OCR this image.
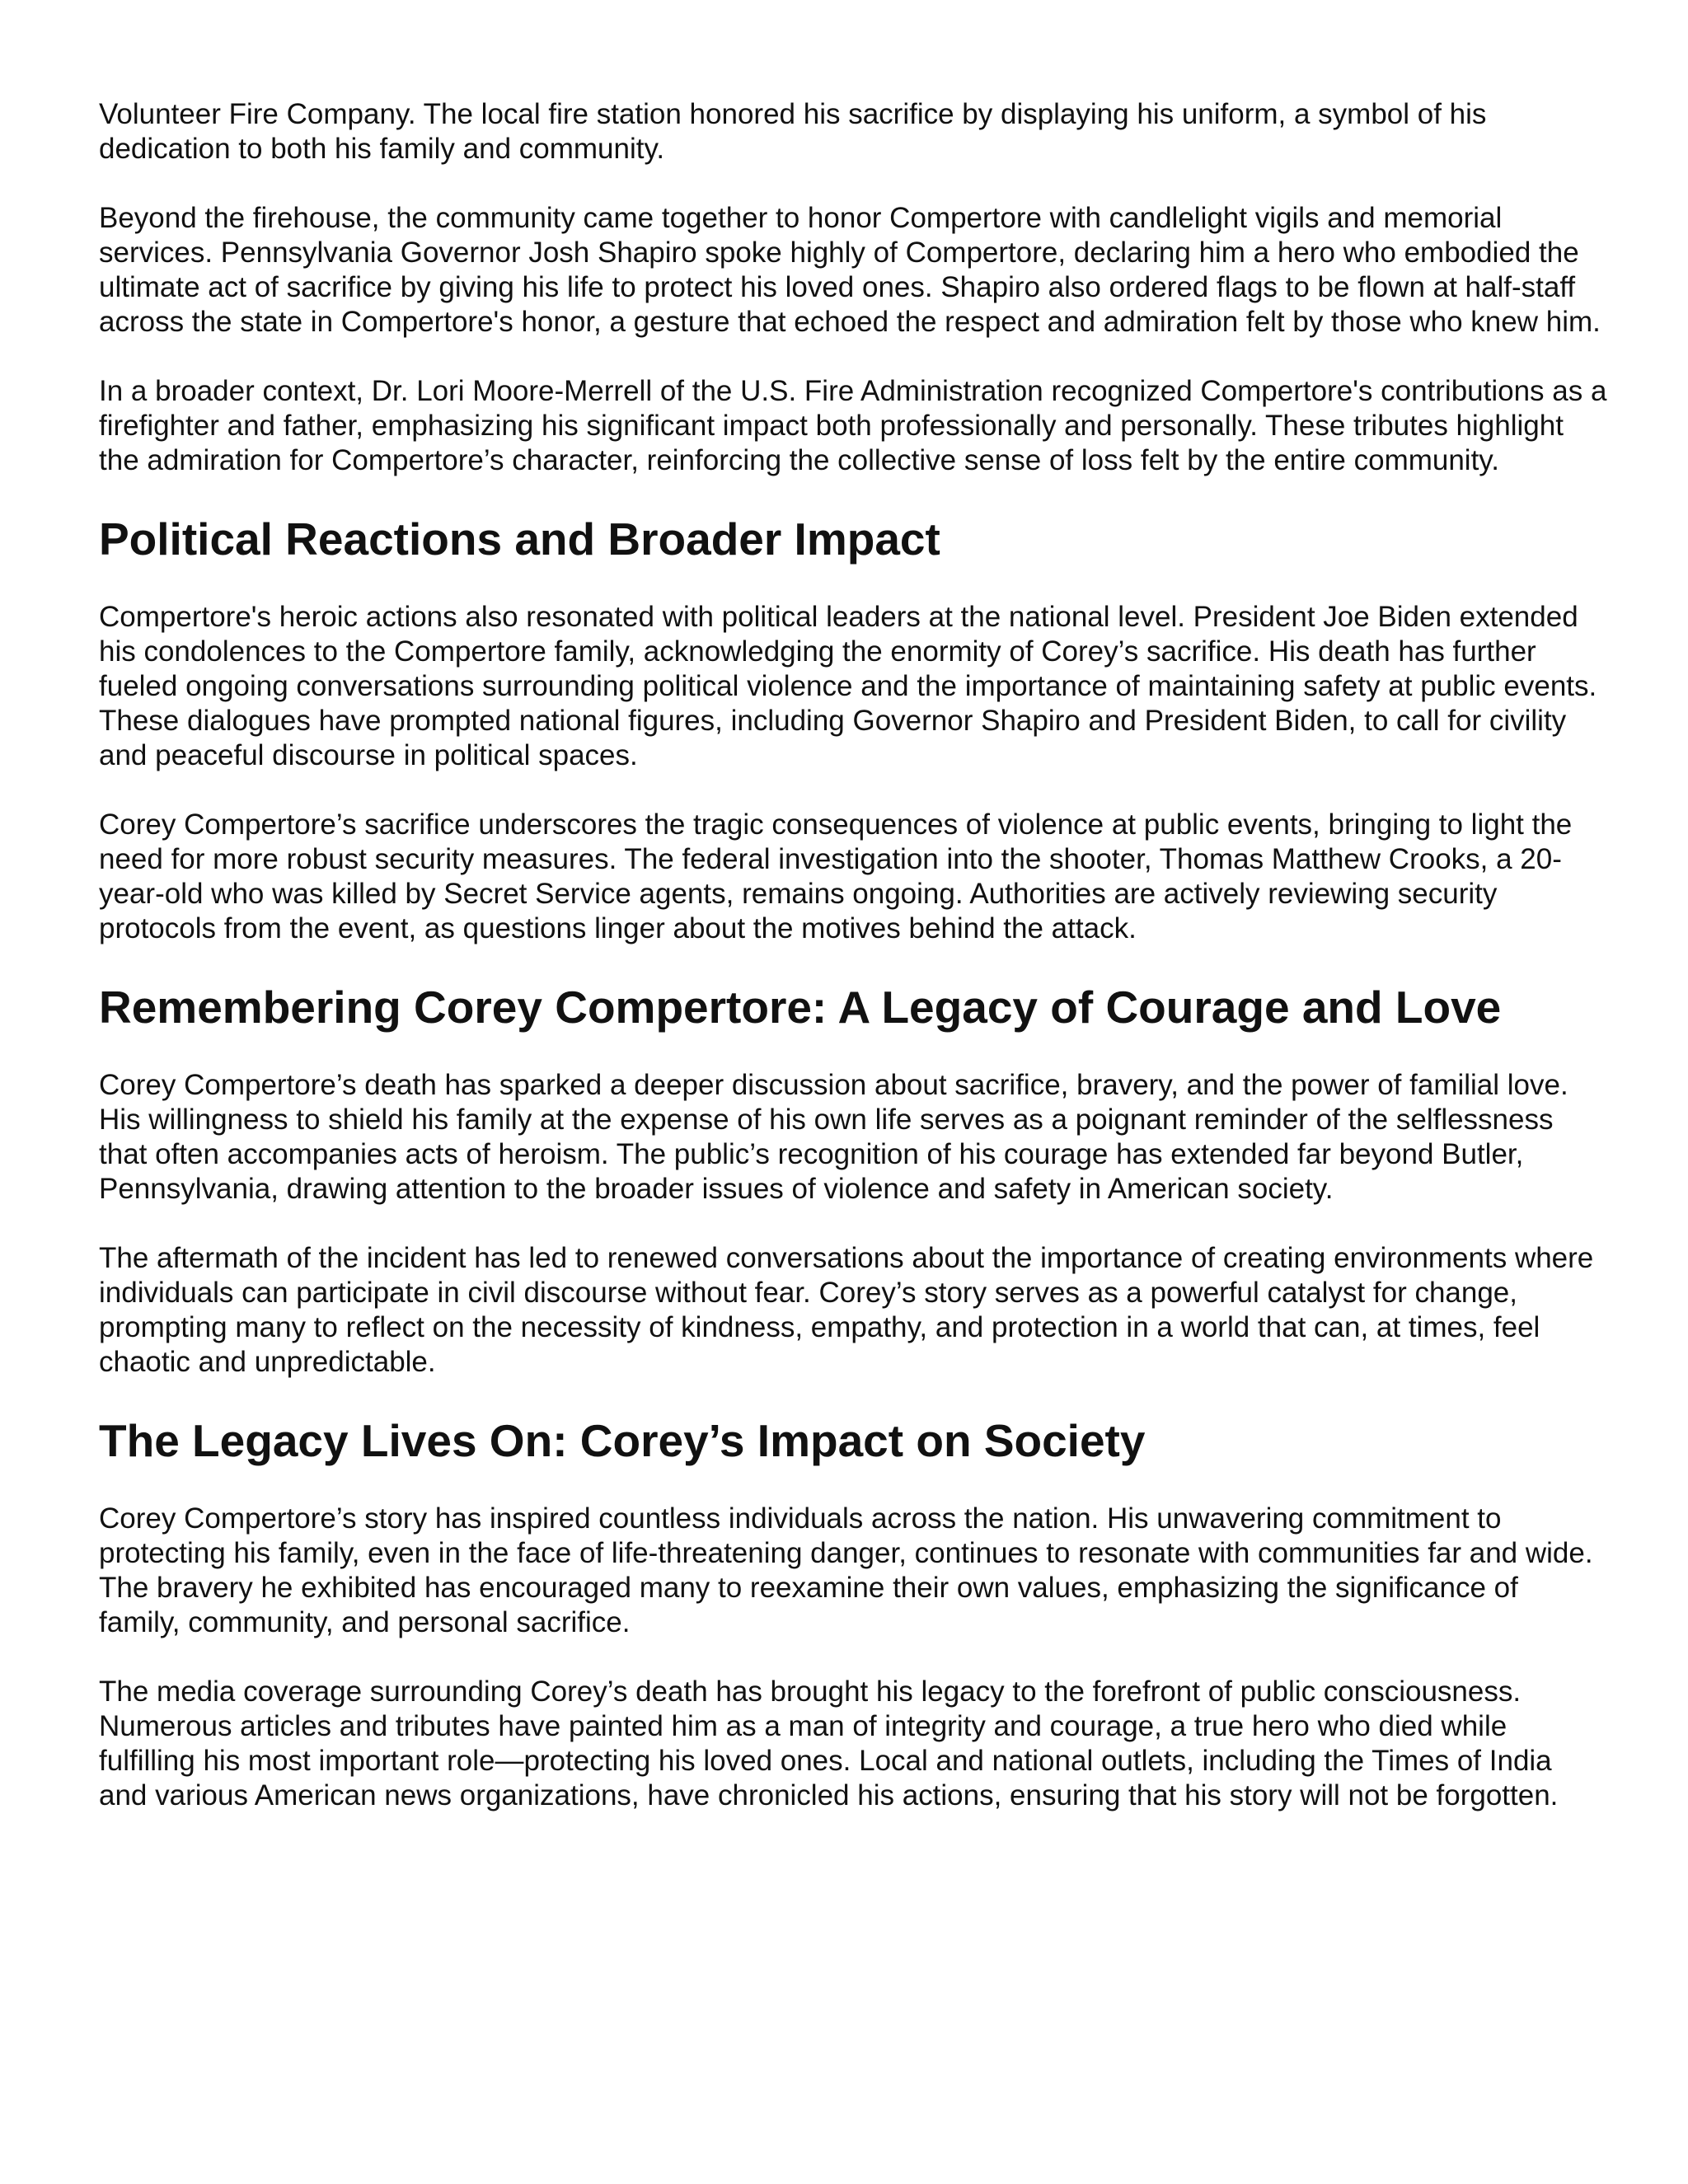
Volunteer Fire Company. The local fire station honored his sacrifice by displaying his uniform, a symbol of his dedication to both his family and community.

Beyond the firehouse, the community came together to honor Compertore with candlelight vigils and memorial services. Pennsylvania Governor Josh Shapiro spoke highly of Compertore, declaring him a hero who embodied the ultimate act of sacrifice by giving his life to protect his loved ones. Shapiro also ordered flags to be flown at half-staff across the state in Compertore's honor, a gesture that echoed the respect and admiration felt by those who knew him.

In a broader context, Dr. Lori Moore-Merrell of the U.S. Fire Administration recognized Compertore's contributions as a firefighter and father, emphasizing his significant impact both professionally and personally. These tributes highlight the admiration for Compertore’s character, reinforcing the collective sense of loss felt by the entire community.

Political Reactions and Broader Impact

Compertore's heroic actions also resonated with political leaders at the national level. President Joe Biden extended his condolences to the Compertore family, acknowledging the enormity of Corey’s sacrifice. His death has further fueled ongoing conversations surrounding political violence and the importance of maintaining safety at public events. These dialogues have prompted national figures, including Governor Shapiro and President Biden, to call for civility and peaceful discourse in political spaces.

Corey Compertore’s sacrifice underscores the tragic consequences of violence at public events, bringing to light the need for more robust security measures. The federal investigation into the shooter, Thomas Matthew Crooks, a 20-year-old who was killed by Secret Service agents, remains ongoing. Authorities are actively reviewing security protocols from the event, as questions linger about the motives behind the attack.

Remembering Corey Compertore: A Legacy of Courage and Love

Corey Compertore’s death has sparked a deeper discussion about sacrifice, bravery, and the power of familial love. His willingness to shield his family at the expense of his own life serves as a poignant reminder of the selflessness that often accompanies acts of heroism. The public’s recognition of his courage has extended far beyond Butler, Pennsylvania, drawing attention to the broader issues of violence and safety in American society.

The aftermath of the incident has led to renewed conversations about the importance of creating environments where individuals can participate in civil discourse without fear. Corey’s story serves as a powerful catalyst for change, prompting many to reflect on the necessity of kindness, empathy, and protection in a world that can, at times, feel chaotic and unpredictable.

The Legacy Lives On: Corey’s Impact on Society

Corey Compertore’s story has inspired countless individuals across the nation. His unwavering commitment to protecting his family, even in the face of life-threatening danger, continues to resonate with communities far and wide. The bravery he exhibited has encouraged many to reexamine their own values, emphasizing the significance of family, community, and personal sacrifice.

The media coverage surrounding Corey’s death has brought his legacy to the forefront of public consciousness. Numerous articles and tributes have painted him as a man of integrity and courage, a true hero who died while fulfilling his most important role—protecting his loved ones. Local and national outlets, including the Times of India and various American news organizations, have chronicled his actions, ensuring that his story will not be forgotten.
